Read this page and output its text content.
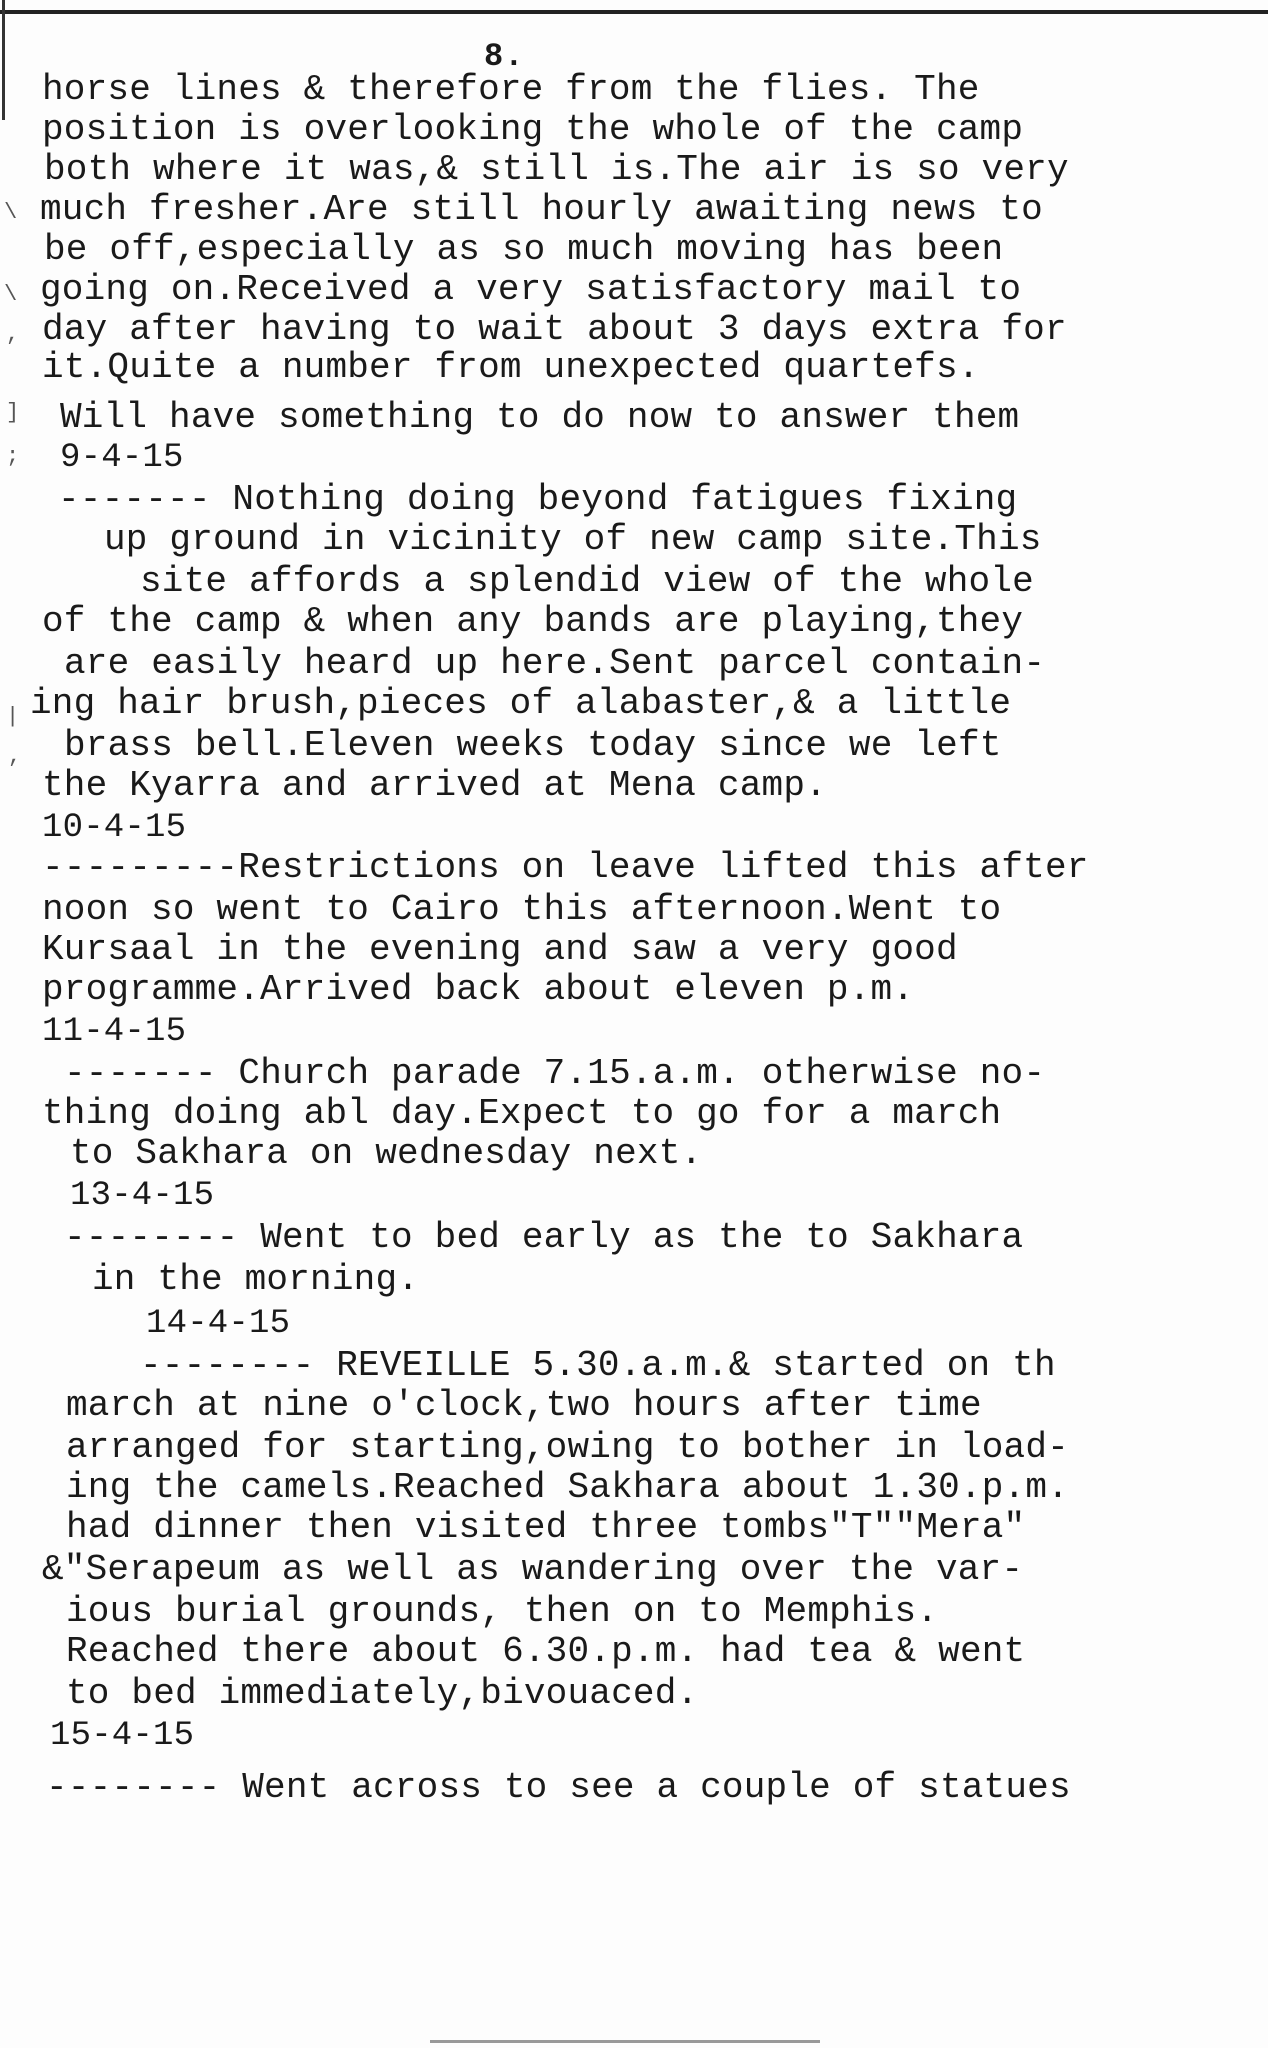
8.
\
\
,
]
;
|
,
horse lines & therefore from the flies. The
position is overlooking the whole of the camp
both where it was,& still is.The air is so very
much fresher.Are still hourly awaiting news to
be off,especially as so much moving has been
going on.Received a very satisfactory mail to
day after having to wait about 3 days extra for
it.Quite a number from unexpected quartefs.
Will have something to do now to answer them
9-4-15
------- Nothing doing beyond fatigues fixing
up ground in vicinity of new camp site.This
site affords a splendid view of the whole
of the camp & when any bands are playing,they
are easily heard up here.Sent parcel contain-
ing hair brush,pieces of alabaster,& a little
brass bell.Eleven weeks today since we left
the Kyarra and arrived at Mena camp.
10-4-15
---------Restrictions on leave lifted this after
noon so went to Cairo this afternoon.Went to
Kursaal in the evening and saw a very good
programme.Arrived back about eleven p.m.
11-4-15
------- Church parade 7.15.a.m. otherwise no-
thing doing abl day.Expect to go for a march
to Sakhara on wednesday next.
13-4-15
-------- Went to bed early as the to Sakhara
in the morning.
14-4-15
-------- REVEILLE 5.30.a.m.& started on th
march at nine o'clock,two hours after time
arranged for starting,owing to bother in load-
ing the camels.Reached Sakhara about 1.30.p.m.
had dinner then visited three tombs"T""Mera"
&"Serapeum as well as wandering over the var-
ious burial grounds, then on to Memphis.
Reached there about 6.30.p.m. had tea & went
to bed immediately,bivouaced.
15-4-15
-------- Went across to see a couple of statues
